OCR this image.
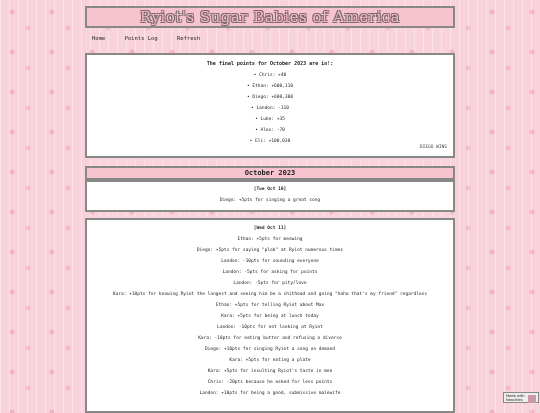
Ryiot's Sugar Babies of America
Home	Points Log	Refresh
The final points for October 2023 are in!:
• Chris: +40
• Ethan: +600,110
• Diego: +600,300
• Landon: -110
• Luke: +35
• Alex: -70
• Eli: +100,030
DIEGO WINS
October 2023
[Tue Oct 10]
Diego: +5pts for singing a great song
[Wed Oct 11]
Ethan: +5pts for meowing
Diego: +5pts for saying "plob" at Ryiot numerous times
Landon: -10pts for sounding everyone
Landon: -5pts for asking for points
Landon: -5pts for pity/love
Kara: +10pts for knowing Ryiot the longest and seeing him be a shithead and going "haha that's my friend" regardless
Ethan: +5pts for telling Ryiot about Max
Kara: +5pts for being at lunch today
Landon: -10pts for not looking at Ryiot
Kara: -10pts for eating butter and refusing a divorce
Diego: +10pts for singing Ryiot a song on demand
Kara: +5pts for eating a plate
Kara: +5pts for insulting Ryiot's taste in men
Chris: -20pts because he asked for less points
Landon: +10pts for being a good, submissive malewife	Made with
Neocities
